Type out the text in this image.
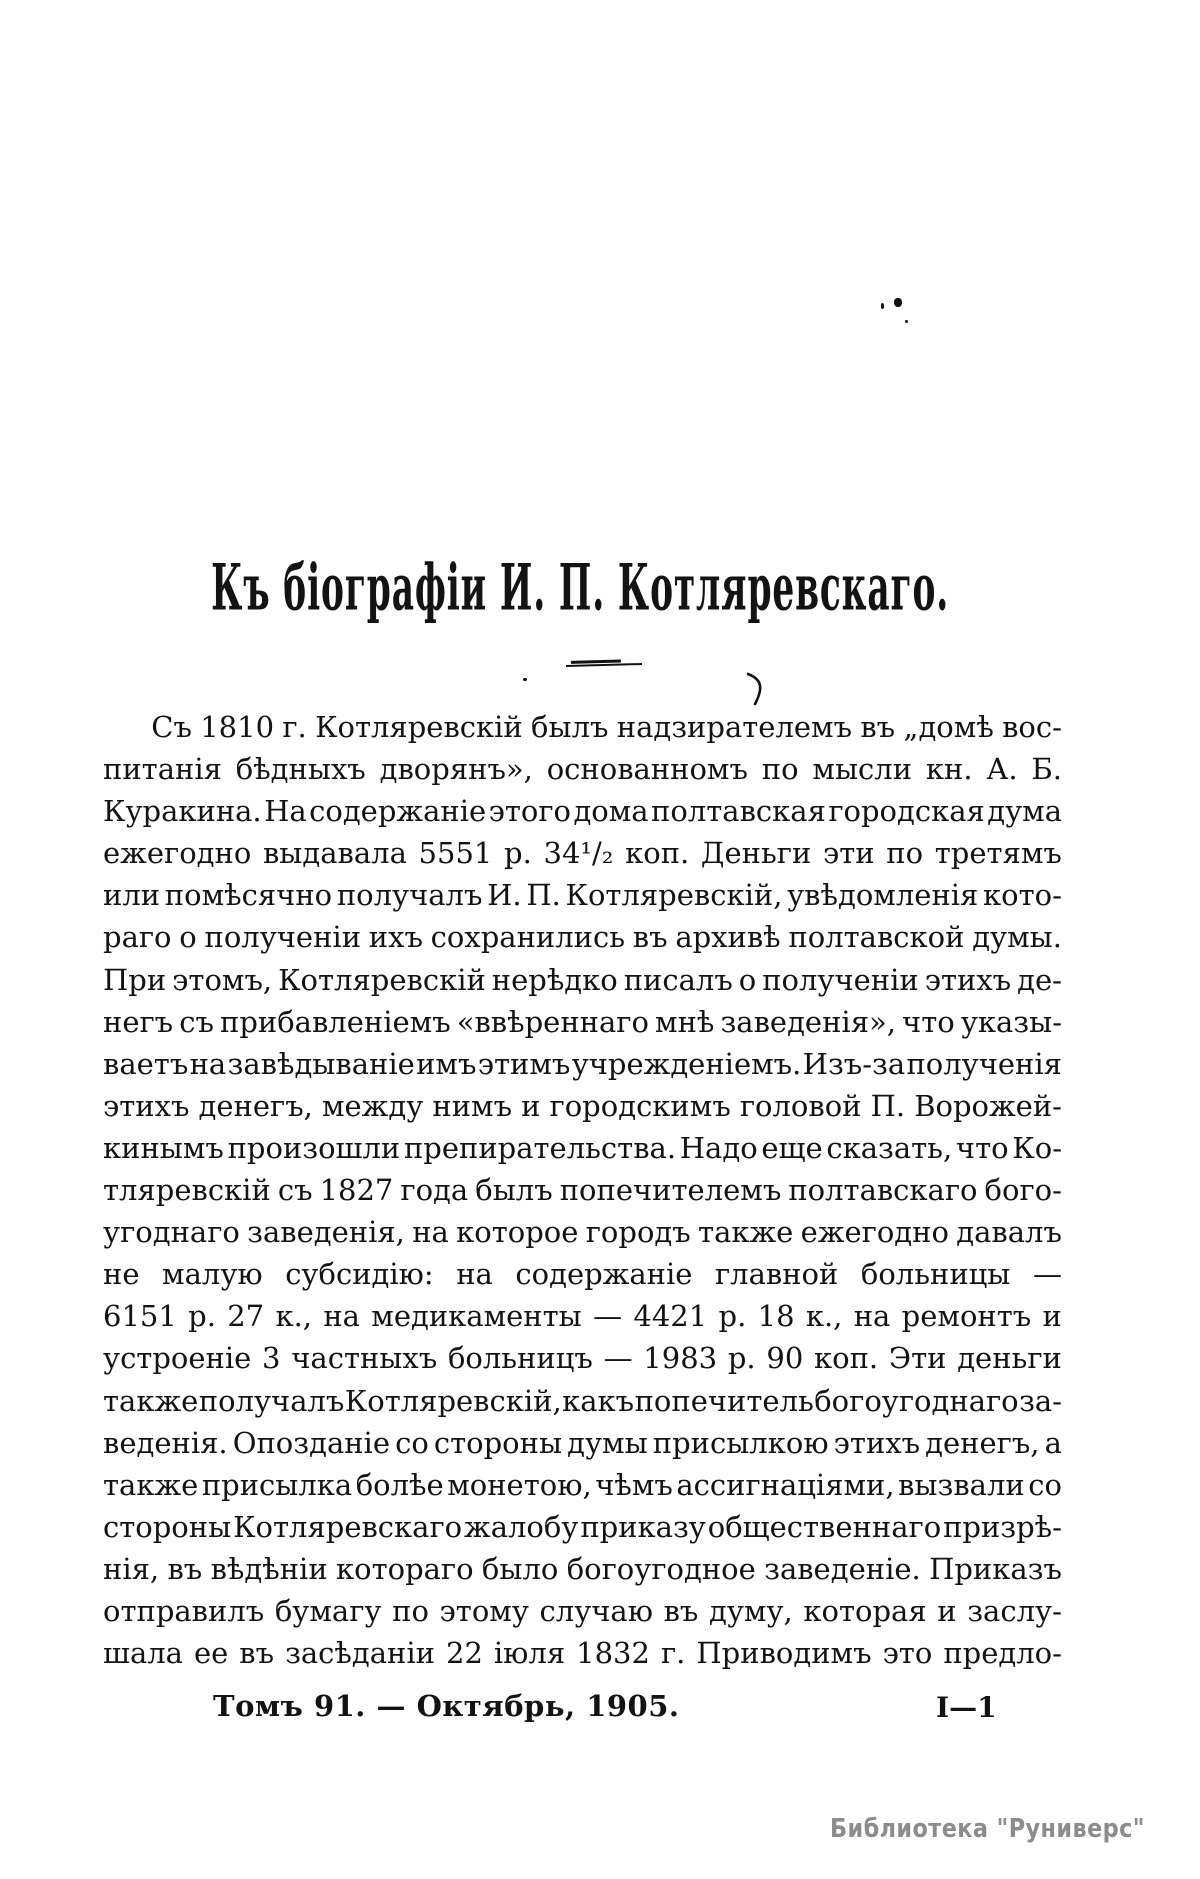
Къ біографіи И. П. Котляревскаго.
Съ 1810 г. Котляревскій былъ надзирателемъ въ „домѣ вос-
питанія бѣдныхъ дворянъ», основанномъ по мысли кн. А. Б.
Куракина. На содержаніе этого дома полтавская городская дума
ежегодно выдавала 5551 р. 34¹/₂ коп. Деньги эти по третямъ
или помѣсячно получалъ И. П. Котляревскій, увѣдомленія кото-
раго о полученіи ихъ сохранились въ архивѣ полтавской думы.
При этомъ, Котляревскій нерѣдко писалъ о полученіи этихъ де-
негъ съ прибавленіемъ «ввѣреннаго мнѣ заведенія», что указы-
ваетъ на завѣдываніе имъ этимъ учрежденіемъ. Изъ-за полученія
этихъ денегъ, между нимъ и городскимъ головой П. Ворожей-
кинымъ произошли препирательства. Надо еще сказать, что Ко-
тляревскій съ 1827 года былъ попечителемъ полтавскаго бого-
угоднаго заведенія, на которое городъ также ежегодно давалъ
не малую субсидію: на содержаніе главной больницы —
6151 р. 27 к., на медикаменты — 4421 р. 18 к., на ремонтъ и
устроеніе 3 частныхъ больницъ — 1983 р. 90 коп. Эти деньги
также получалъ Котляревскій, какъ попечитель богоугоднаго за-
веденія. Опозданіе со стороны думы присылкою этихъ денегъ, а
также присылка болѣе монетою, чѣмъ ассигнаціями, вызвали со
стороны Котляревскаго жалобу приказу общественнаго призрѣ-
нія, въ вѣдѣніи котораго было богоугодное заведеніе. Приказъ
отправилъ бумагу по этому случаю въ думу, которая и заслу-
шала ее въ засѣданіи 22 іюля 1832 г. Приводимъ это предло-
Томъ 91. — Октябрь, 1905.	I—1
Библиотека "Руниверс"
